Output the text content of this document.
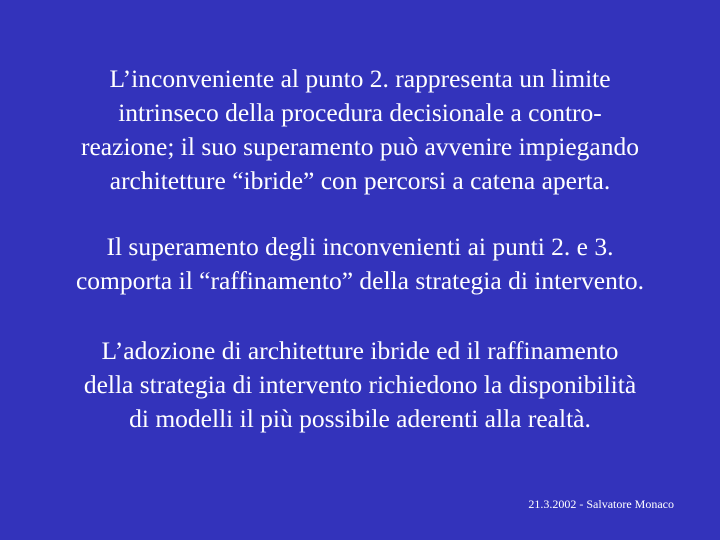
L’inconveniente al punto 2. rappresenta un limite
intrinseco della procedura decisionale a contro-
reazione; il suo superamento può avvenire impiegando
architetture “ibride” con percorsi a catena aperta.
Il superamento degli inconvenienti ai punti 2. e 3.
comporta il “raffinamento” della strategia di intervento.
L’adozione di architetture ibride ed il raffinamento
della strategia di intervento richiedono la disponibilità
di modelli il più possibile aderenti alla realtà.
21.3.2002 - Salvatore Monaco
